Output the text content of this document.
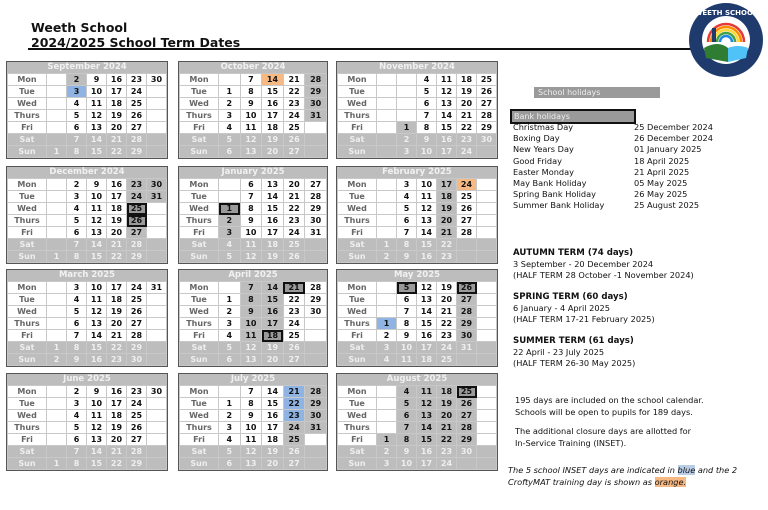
Weeth School
2024/2025 School Term Dates
WEETH SCHOOL
September 2024
Mon		2	9	16	23	30
Tue		3	10	17	24	
Wed		4	11	18	25	
Thurs		5	12	19	26	
Fri		6	13	20	27	
Sat		7	14	21	28	
Sun	1	8	15	22	29	
October 2024
Mon		7	14	21	28
Tue	1	8	15	22	29
Wed	2	9	16	23	30
Thurs	3	10	17	24	31
Fri	4	11	18	25	
Sat	5	12	19	26	
Sun	6	13	20	27	
November 2024
Mon			4	11	18	25
Tue			5	12	19	26
Wed			6	13	20	27
Thurs			7	14	21	28
Fri		1	8	15	22	29
Sat		2	9	16	23	30
Sun		3	10	17	24	
December 2024
Mon		2	9	16	23	30
Tue		3	10	17	24	31
Wed		4	11	18	25	
Thurs		5	12	19	26	
Fri		6	13	20	27	
Sat		7	14	21	28	
Sun	1	8	15	22	29	
January 2025
Mon		6	13	20	27
Tue		7	14	21	28
Wed	1	8	15	22	29
Thurs	2	9	16	23	30
Fri	3	10	17	24	31
Sat	4	11	18	25	
Sun	5	12	19	26	
February 2025
Mon		3	10	17	24	
Tue		4	11	18	25	
Wed		5	12	19	26	
Thurs		6	13	20	27	
Fri		7	14	21	28	
Sat	1	8	15	22		
Sun	2	9	16	23		
March 2025
Mon		3	10	17	24	31
Tue		4	11	18	25	
Wed		5	12	19	26	
Thurs		6	13	20	27	
Fri		7	14	21	28	
Sat	1	8	15	22	29	
Sun	2	9	16	23	30	
April 2025
Mon		7	14	21	28
Tue	1	8	15	22	29
Wed	2	9	16	23	30
Thurs	3	10	17	24	
Fri	4	11	18	25	
Sat	5	12	19	26	
Sun	6	13	20	27	
May 2025
Mon		5	12	19	26	
Tue		6	13	20	27	
Wed		7	14	21	28	
Thurs	1	8	15	22	29	
Fri	2	9	16	23	30	
Sat	3	10	17	24	31	
Sun	4	11	18	25		
June 2025
Mon		2	9	16	23	30
Tue		3	10	17	24	
Wed		4	11	18	25	
Thurs		5	12	19	26	
Fri		6	13	20	27	
Sat		7	14	21	28	
Sun	1	8	15	22	29	
July 2025
Mon		7	14	21	28
Tue	1	8	15	22	29
Wed	2	9	16	23	30
Thurs	3	10	17	24	31
Fri	4	11	18	25	
Sat	5	12	19	26	
Sun	6	13	20	27	
August 2025
Mon		4	11	18	25	
Tue		5	12	19	26	
Wed		6	13	20	27	
Thurs		7	14	21	28	
Fri	1	8	15	22	29	
Sat	2	9	16	23	30	
Sun	3	10	17	24		
School holidays
Bank holidays
Christmas Day	25 December 2024
Boxing Day	26 December 2024
New Years Day	01 January 2025
Good Friday	18 April 2025
Easter Monday	21 April 2025
May Bank Holiday	05 May 2025
Spring Bank Holiday	26 May 2025
Summer Bank Holiday	25 August 2025
AUTUMN TERM (74 days)
3 September - 20 December 2024
(HALF TERM 28 October -1 November 2024)
SPRING TERM (60 days)
6 January - 4 April 2025
(HALF TERM 17-21 February 2025)
SUMMER TERM (61 days)
22 April - 23 July 2025
(HALF TERM 26-30 May 2025)

195 days are included on the school calendar.
Schools will be open to pupils for 189 days.

The additional closure days are allotted for
In-Service Training (INSET).

The 5 school INSET days are indicated in blue and the 2 CroftyMAT training day is shown as orange.
